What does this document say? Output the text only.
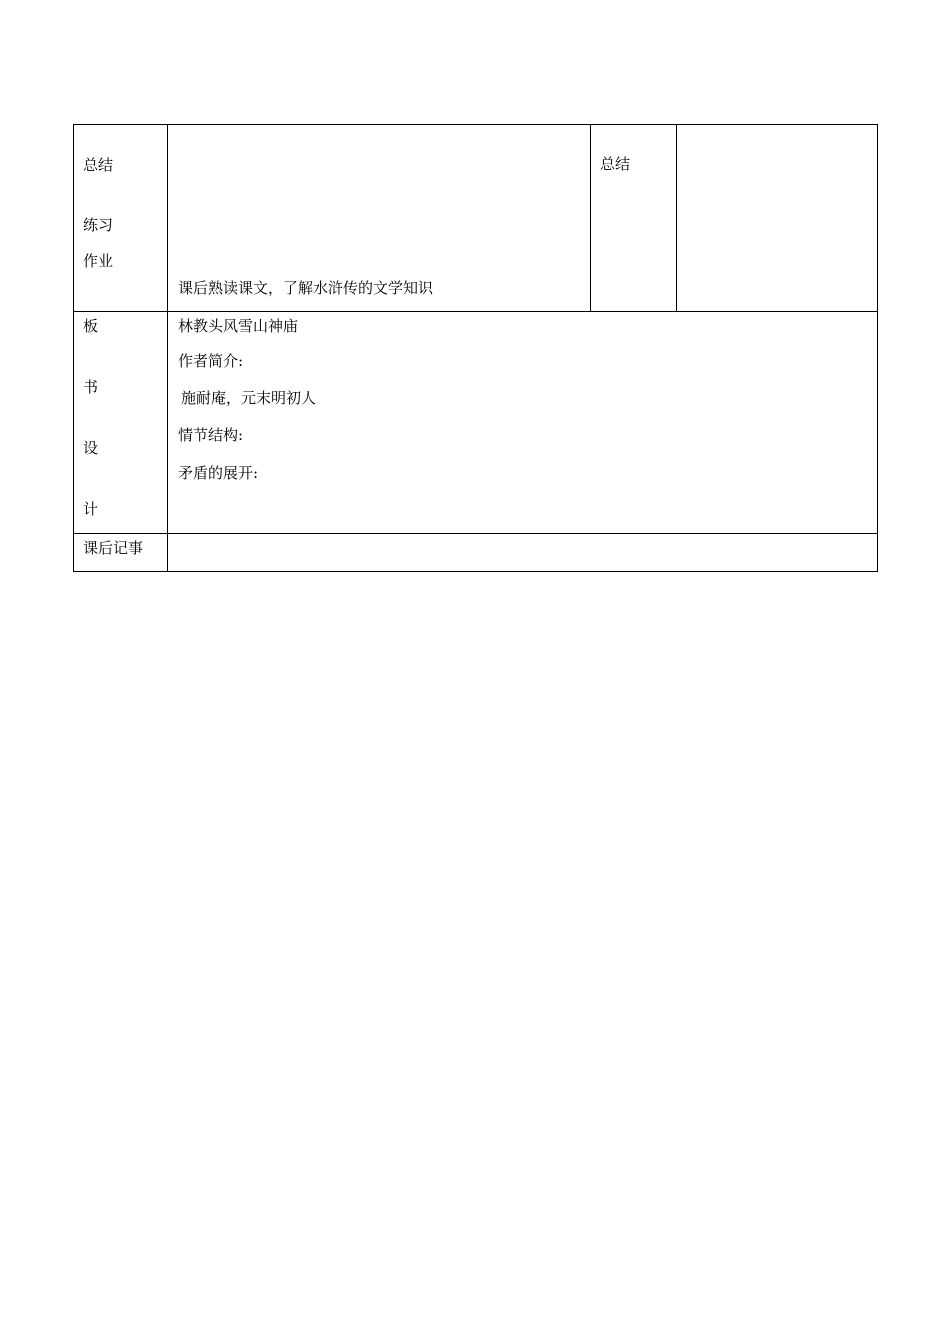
总结
练习
作业	课后熟读课文，了解水浒传的文学知识	总结	

板
书
设
计	林教头风雪山神庙
作者简介:
施耐庵，元末明初人
情节结构:
矛盾的展开:		

课后记事			
